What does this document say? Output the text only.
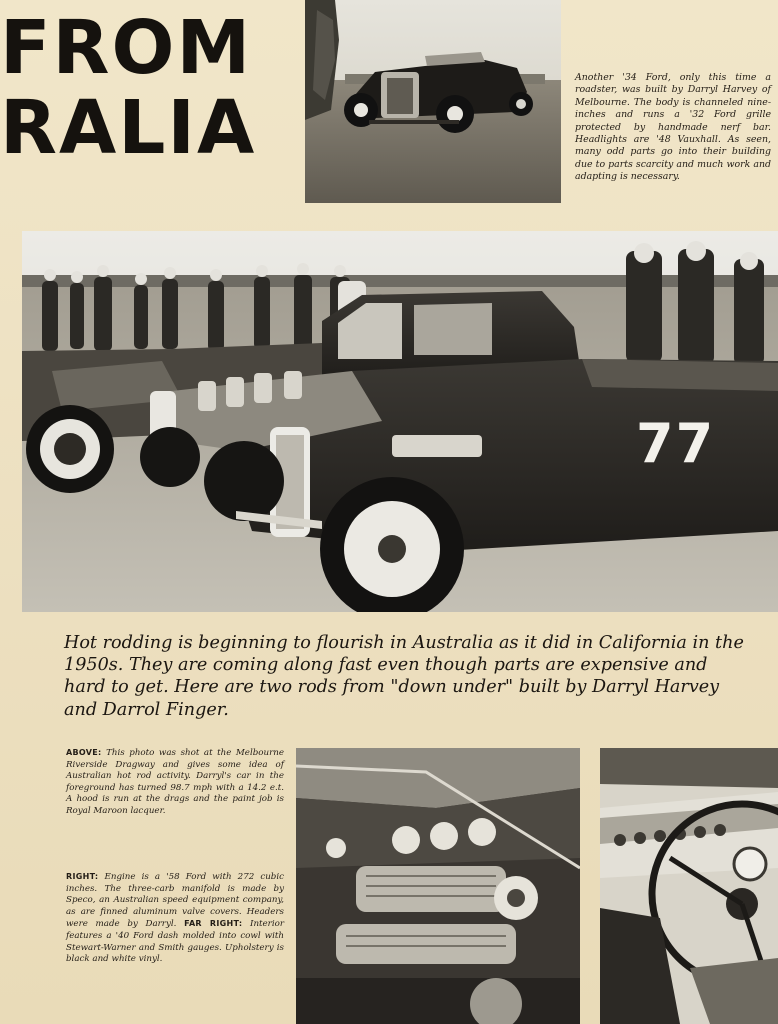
FROM
RALIA

Another '34 Ford, only this time a roadster, was built by Darryl Harvey of Melbourne. The body is channeled nine-inches and runs a '32 Ford grille protected by handmade nerf bar. Headlights are '48 Vauxhall. As seen, many odd parts go into their building due to parts scarcity and much work and adapting is necessary.

77

Hot rodding is beginning to flourish in Australia as it did in California in the 1950s. They are coming along fast even though parts are expensive and hard to get. Here are two rods from "down under" built by Darryl Harvey and Darrol Finger.

ABOVE: This photo was shot at the Melbourne Riverside Dragway and gives some idea of Australian hot rod activity. Darryl's car in the foreground has turned 98.7 mph with a 14.2 e.t. A hood is run at the drags and the paint job is Royal Maroon lacquer.

RIGHT: Engine is a '58 Ford with 272 cubic inches. The three-carb manifold is made by Speco, an Australian speed equipment company, as are finned aluminum valve covers. Headers were made by Darryl. FAR RIGHT: Interior features a '40 Ford dash molded into cowl with Stewart-Warner and Smith gauges. Upholstery is black and white vinyl.
